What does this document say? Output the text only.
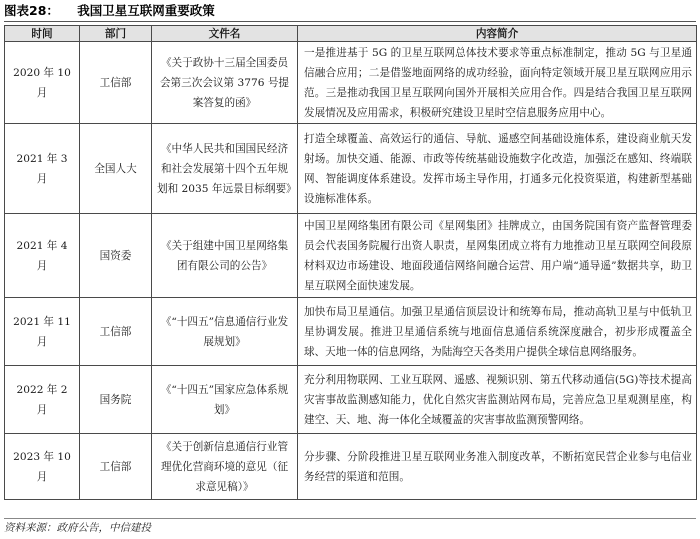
图表28： 我国卫星互联网重要政策
时间	部门	文件名	内容简介
2020 年 10 月	工信部	《关于政协十三届全国委员会第三次会议第 3776 号提案答复的函》	一是推进基于 5G 的卫星互联网总体技术要求等重点标准制定，推动 5G 与卫星通信融合应用；二是借鉴地面网络的成功经验，面向特定领域开展卫星互联网应用示范。三是推动我国卫星互联网向国外开展相关应用合作。四是结合我国卫星互联网发展情况及应用需求，积极研究建设卫星时空信息服务应用中心。
2021 年 3 月	全国人大	《中华人民共和国国民经济和社会发展第十四个五年规划和 2035 年远景目标纲要》	打造全球覆盖、高效运行的通信、导航、遥感空间基础设施体系，建设商业航天发射场。加快交通、能源、市政等传统基础设施数字化改造，加强泛在感知、终端联网、智能调度体系建设。发挥市场主导作用，打通多元化投资渠道，构建新型基础设施标准体系。
2021 年 4 月	国资委	《关于组建中国卫星网络集团有限公司的公告》	中国卫星网络集团有限公司《星网集团》挂牌成立，由国务院国有资产监督管理委员会代表国务院履行出资人职责，星网集团成立将有力地推动卫星互联网空间段原材料双边市场建设、地面段通信网络间融合运营、用户端“通导遥”数据共享，助卫星互联网全面快速发展。
2021 年 11 月	工信部	《“十四五”信息通信行业发展规划》	加快布局卫星通信。加强卫星通信顶层设计和统筹布局，推动高轨卫星与中低轨卫星协调发展。推进卫星通信系统与地面信息通信系统深度融合，初步形成覆盖全球、天地一体的信息网络，为陆海空天各类用户提供全球信息网络服务。
2022 年 2 月	国务院	《“十四五”国家应急体系规划》	充分利用物联网、工业互联网、遥感、视频识别、第五代移动通信(5G)等技术提高灾害事故监测感知能力，优化自然灾害监测站网布局，完善应急卫星观测星座，构建空、天、地、海一体化全域覆盖的灾害事故监测预警网络。
2023 年 10 月	工信部	《关于创新信息通信行业管理优化营商环境的意见（征求意见稿）》	分步骤、分阶段推进卫星互联网业务准入制度改革，不断拓宽民营企业参与电信业务经营的渠道和范围。
资料来源：政府公告，中信建投
